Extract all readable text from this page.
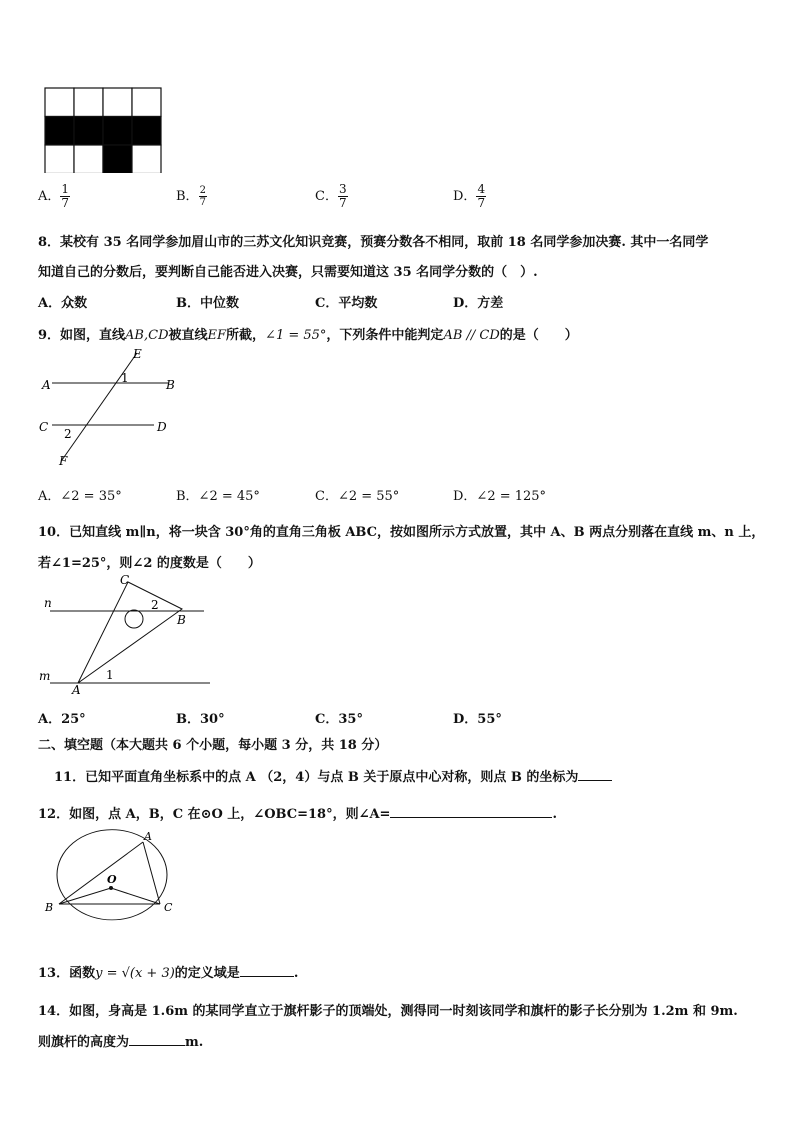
A． $\frac{1}{7}$	B． $\frac{2}{7}$	C． $\frac{3}{7}$	D． $\frac{4}{7}$
8．某校有 35 名同学参加眉山市的三苏文化知识竞赛，预赛分数各不相同，取前 18 名同学参加决赛. 其中一名同学
知道自己的分数后，要判断自己能否进入决赛，只需要知道这 35 名同学分数的（　）.
A．众数	B．中位数	C．平均数	D．方差
9．如图，直线AB,CD被直线EF所截，∠1 = 55°，下列条件中能判定AB // CD的是（　　）
A	B
C	D
E
F
1
2
A．∠2 = 35°	B．∠2 = 45°	C．∠2 = 55°	D．∠2 = 125°
10．已知直线 m∥n，将一块含 30°角的直角三角板 ABC，按如图所示方式放置，其中 A、B 两点分别落在直线 m、n 上，
若∠1=25°，则∠2 的度数是（　　）
n
m
A
B
C
1
2
A．25°	B．30°	C．35°	D．55°
二、填空题（本大题共 6 个小题，每小题 3 分，共 18 分）
11．已知平面直角坐标系中的点 A （2，4）与点 B 关于原点中心对称，则点 B 的坐标为
12．如图，点 A，B，C 在⊙O 上，∠OBC=18°，则∠A=	.
A
B	C
O
13．函数y = √(x + 3)的定义域是	.
14．如图，身高是 1.6m 的某同学直立于旗杆影子的顶端处，测得同一时刻该同学和旗杆的影子长分别为 1.2m 和 9m.
则旗杆的高度为	m.
